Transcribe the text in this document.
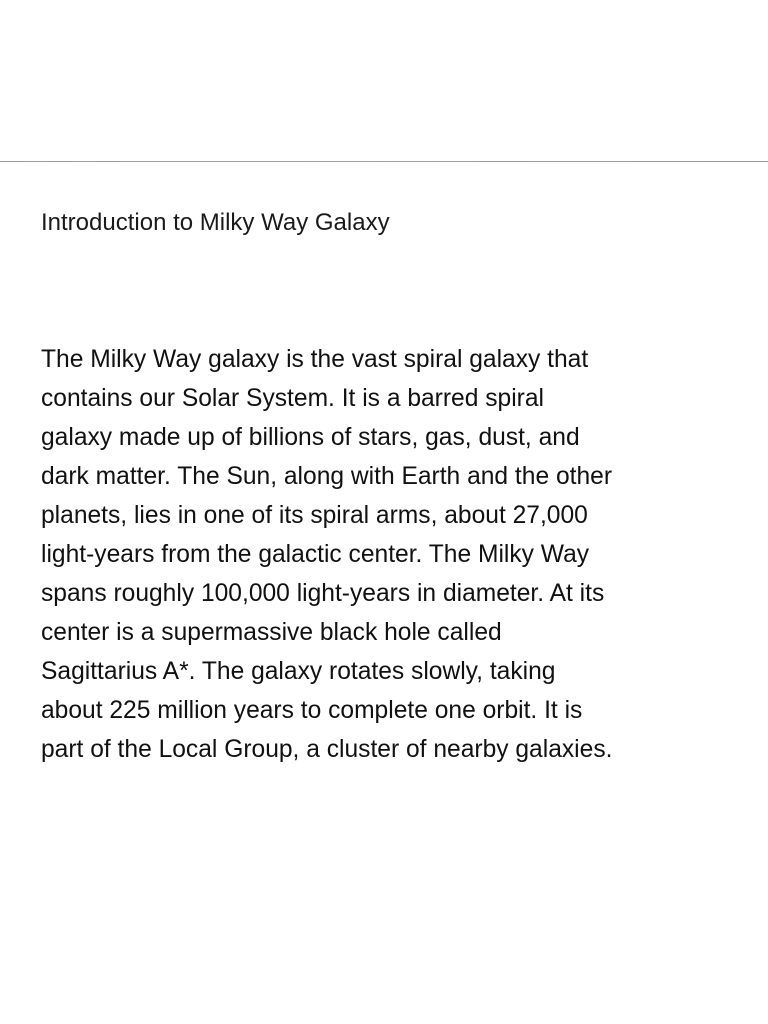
Introduction to Milky Way Galaxy

The Milky Way galaxy is the vast spiral galaxy that
contains our Solar System. It is a barred spiral
galaxy made up of billions of stars, gas, dust, and
dark matter. The Sun, along with Earth and the other
planets, lies in one of its spiral arms, about 27,000
light-years from the galactic center. The Milky Way
spans roughly 100,000 light-years in diameter. At its
center is a supermassive black hole called
Sagittarius A*. The galaxy rotates slowly, taking
about 225 million years to complete one orbit. It is
part of the Local Group, a cluster of nearby galaxies.
